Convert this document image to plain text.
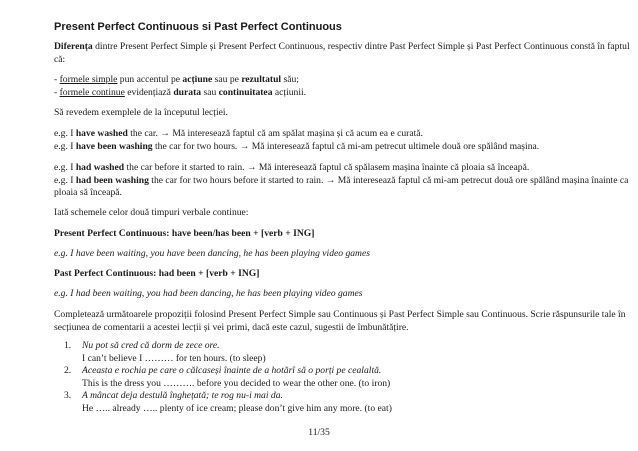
Present Perfect Continuous si Past Perfect Continuous
Diferența dintre Present Perfect Simple și Present Perfect Continuous, respectiv dintre Past Perfect Simple și Past Perfect Continuous constă în faptul
că:
- formele simple pun accentul pe acțiune sau pe rezultatul său;
- formele continue evidențiază durata sau continuitatea acțiunii.
Să revedem exemplele de la începutul lecției.
e.g. I have washed the car. → Mă interesează faptul că am spălat mașina și că acum ea e curată.
e.g. I have been washing the car for two hours. → Mă interesează faptul că mi-am petrecut ultimele două ore spălând mașina.
e.g. I had washed the car before it started to rain. → Mă interesează faptul că spălasem mașina înainte că ploaia să înceapă.
e.g. I had been washing the car for two hours before it started to rain. → Mă interesează faptul că mi-am petrecut două ore spălând mașina înainte ca
ploaia să înceapă.
Iată schemele celor două timpuri verbale continue:
Present Perfect Continuous: have been/has been + [verb + ING]
e.g. I have been waiting, you have been dancing, he has been playing video games
Past Perfect Continuous: had been + [verb + ING]
e.g. I had been waiting, you had been dancing, he has been playing video games
Completează următoarele propoziții folosind Present Perfect Simple sau Continuous și Past Perfect Simple sau Continuous. Scrie răspunsurile tale în
secțiunea de comentarii a acestei lecții și vei primi, dacă este cazul, sugestii de îmbunătățire.
1. Nu pot să cred că dorm de zece ore.
I can’t believe I ……… for ten hours. (to sleep)
2. Aceasta e rochia pe care o călcaseși înainte de a hotărî să o porți pe cealaltă.
This is the dress you ………. before you decided to wear the other one. (to iron)
3. A mâncat deja destulă înghețată; te rog nu-i mai da.
He ….. already ….. plenty of ice cream; please don’t give him any more. (to eat)
11/35
